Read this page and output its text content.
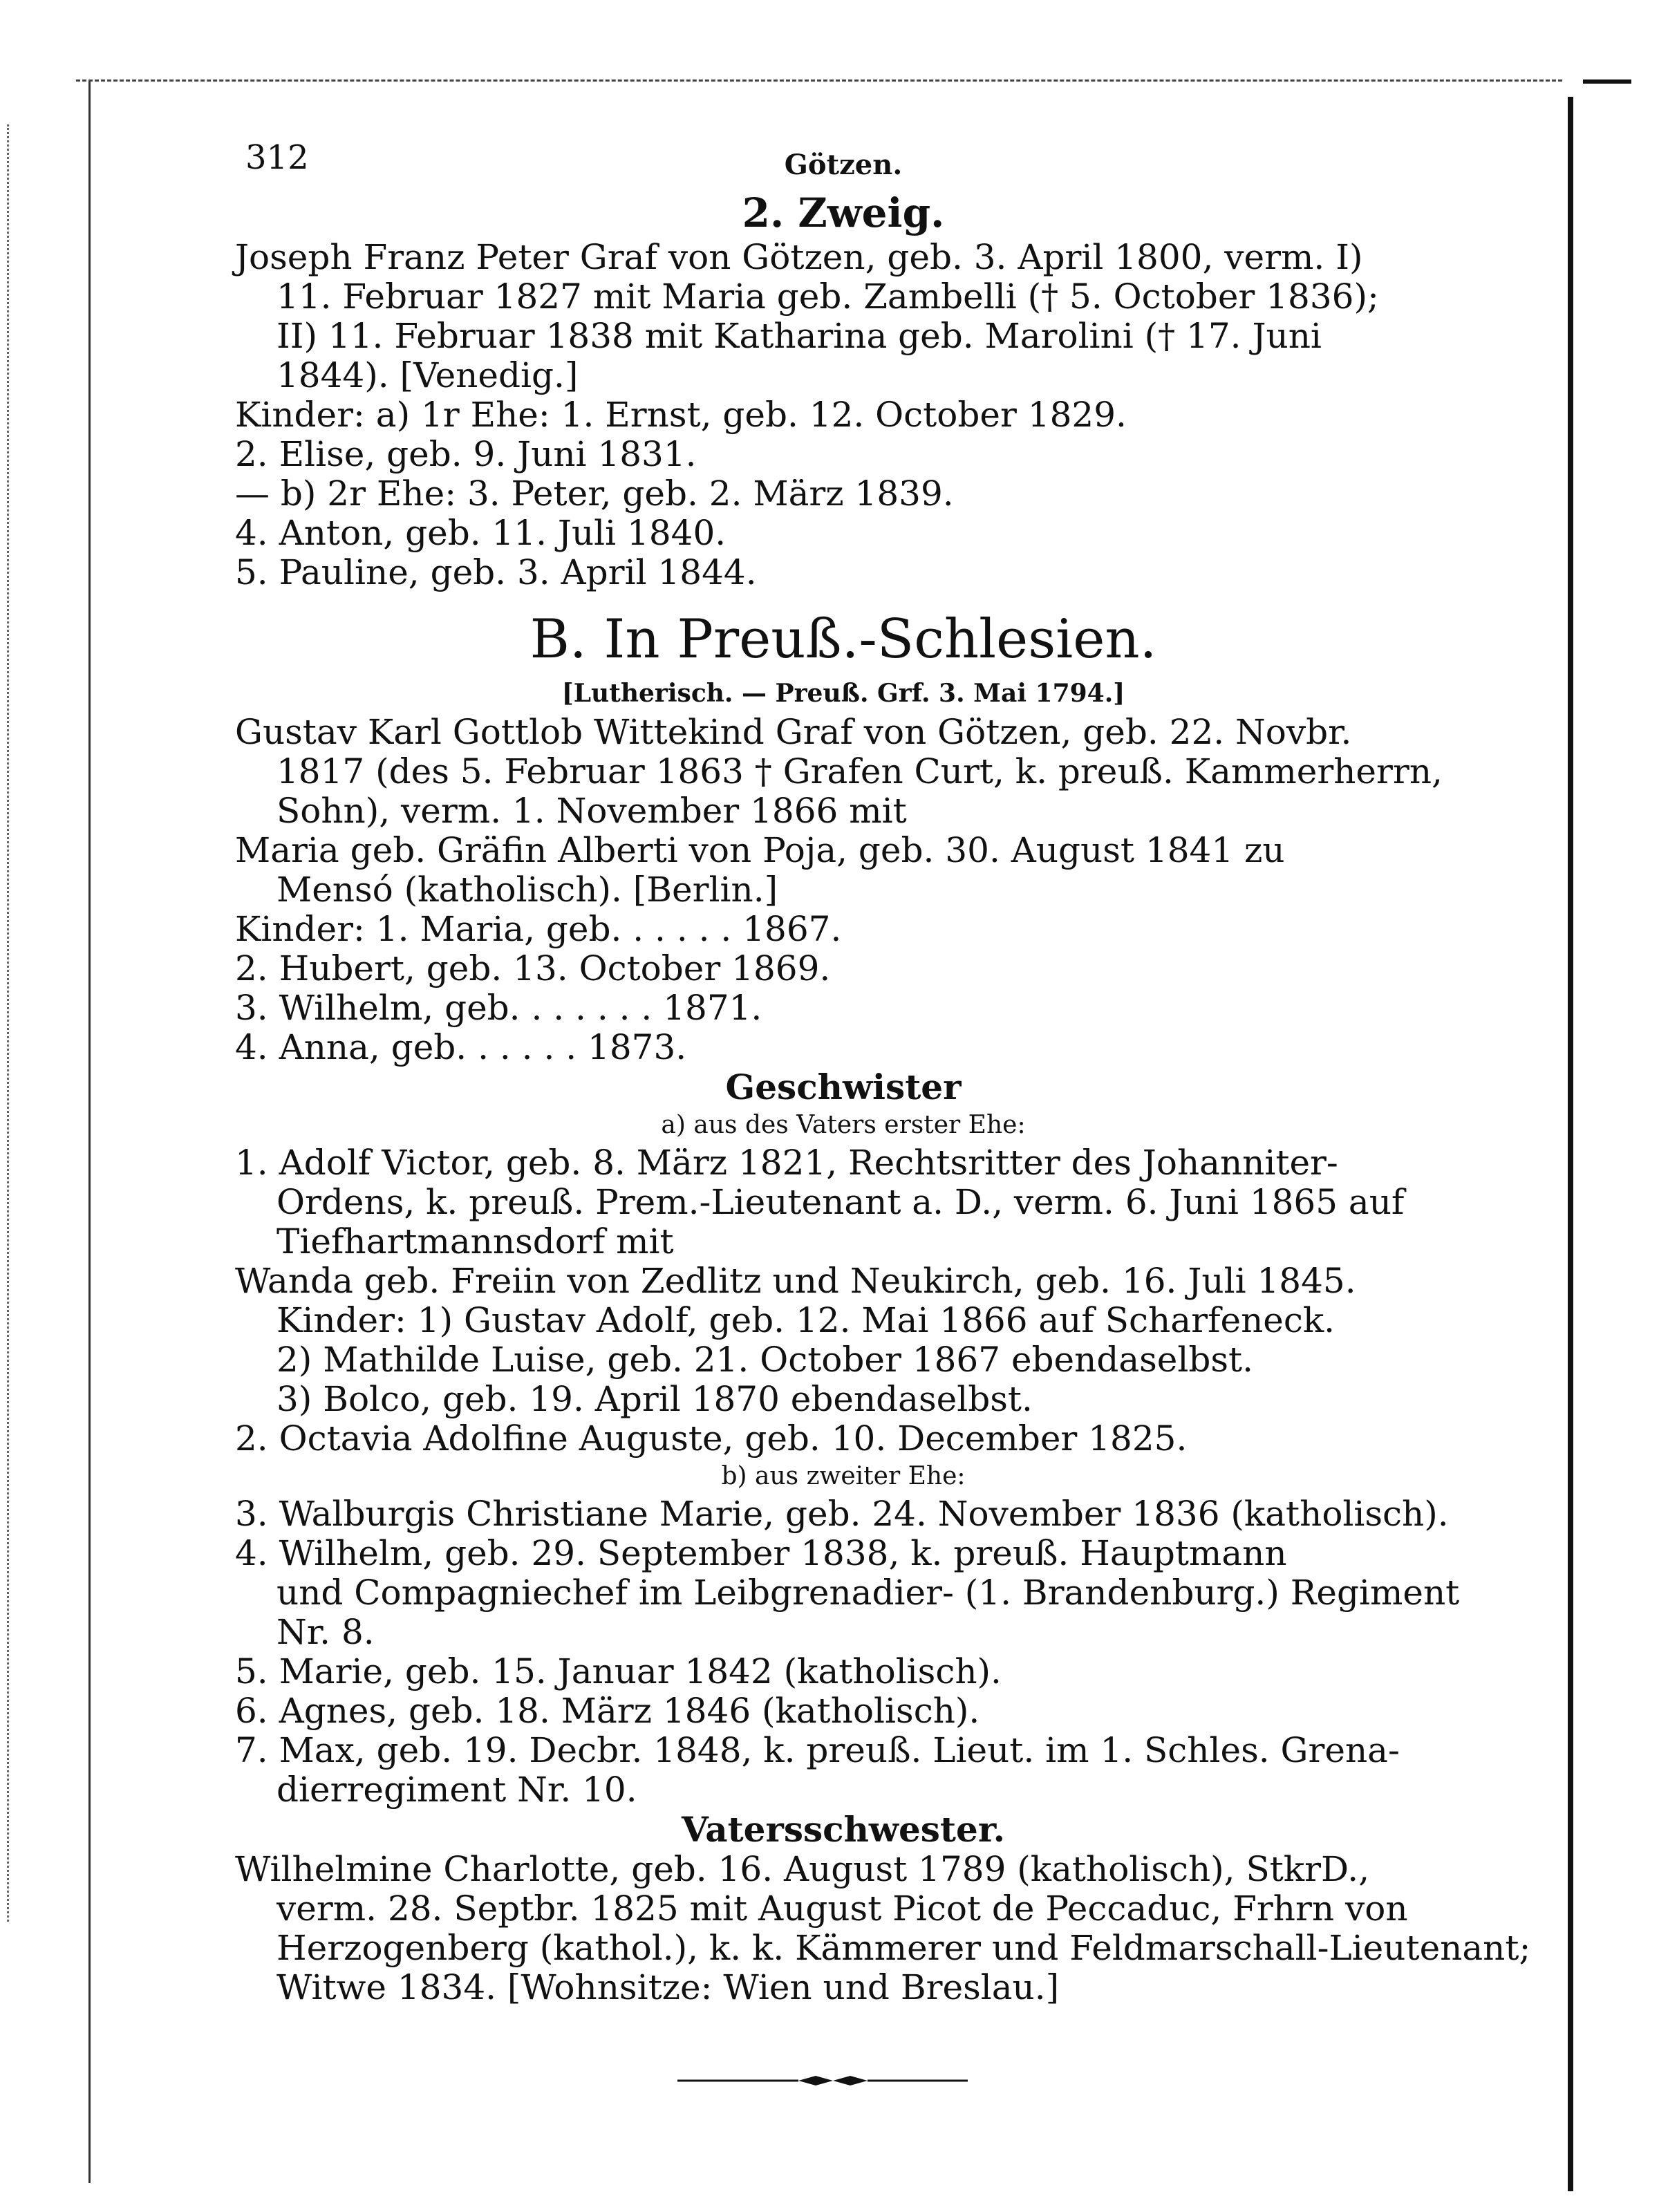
312	Götzen.
2. Zweig.
Joseph Franz Peter Graf von Götzen, geb. 3. April 1800, verm. I)
11. Februar 1827 mit Maria geb. Zambelli († 5. October 1836);
II) 11. Februar 1838 mit Katharina geb. Marolini († 17. Juni
1844). [Venedig.]
Kinder: a) 1r Ehe: 1. Ernst, geb. 12. October 1829.
2. Elise, geb. 9. Juni 1831.
— b) 2r Ehe: 3. Peter, geb. 2. März 1839.
4. Anton, geb. 11. Juli 1840.
5. Pauline, geb. 3. April 1844.
B. In Preuß.-Schlesien.
[Lutherisch. — Preuß. Grf. 3. Mai 1794.]
Gustav Karl Gottlob Wittekind Graf von Götzen, geb. 22. Novbr.
1817 (des 5. Februar 1863 † Grafen Curt, k. preuß. Kammerherrn,
Sohn), verm. 1. November 1866 mit
Maria geb. Gräfin Alberti von Poja, geb. 30. August 1841 zu
Mensó (katholisch). [Berlin.]
Kinder: 1. Maria, geb. . . . . . 1867.
2. Hubert, geb. 13. October 1869.
3. Wilhelm, geb. . . . . . . 1871.
4. Anna, geb. . . . . . 1873.
Geschwister
a) aus des Vaters erster Ehe:
1. Adolf Victor, geb. 8. März 1821, Rechtsritter des Johanniter-
Ordens, k. preuß. Prem.-Lieutenant a. D., verm. 6. Juni 1865 auf
Tiefhartmannsdorf mit
Wanda geb. Freiin von Zedlitz und Neukirch, geb. 16. Juli 1845.
Kinder: 1) Gustav Adolf, geb. 12. Mai 1866 auf Scharfeneck.
2) Mathilde Luise, geb. 21. October 1867 ebendaselbst.
3) Bolco, geb. 19. April 1870 ebendaselbst.
2. Octavia Adolfine Auguste, geb. 10. December 1825.
b) aus zweiter Ehe:
3. Walburgis Christiane Marie, geb. 24. November 1836 (katholisch).
4. Wilhelm, geb. 29. September 1838, k. preuß. Hauptmann
und Compagniechef im Leibgrenadier- (1. Brandenburg.) Regiment
Nr. 8.
5. Marie, geb. 15. Januar 1842 (katholisch).
6. Agnes, geb. 18. März 1846 (katholisch).
7. Max, geb. 19. Decbr. 1848, k. preuß. Lieut. im 1. Schles. Grena-
dierregiment Nr. 10.
Vatersschwester.
Wilhelmine Charlotte, geb. 16. August 1789 (katholisch), StkrD.,
verm. 28. Septbr. 1825 mit August Picot de Peccaduc, Frhrn von
Herzogenberg (kathol.), k. k. Kämmerer und Feldmarschall-Lieutenant;
Witwe 1834. [Wohnsitze: Wien und Breslau.]
